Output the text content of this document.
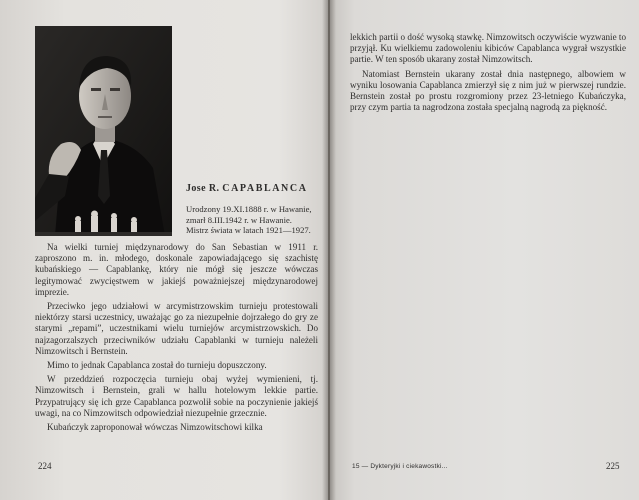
Jose R. CAPABLANCA
Urodzony 19.XI.1888 r. w Hawanie, zmarł 8.III.1942 r. w Hawanie. Mistrz świata w latach 1921—1927.

Na wielki turniej międzynarodowy do San Sebastian w 1911 r. zaproszono m. in. młodego, doskonale zapowiadającego się szachistę kubańskiego — Capablankę, który nie mógł się jeszcze wówczas legitymować zwycięstwem w jakiejś poważniejszej międzynarodowej imprezie.

Przeciwko jego udziałowi w arcymistrzowskim turnieju protestowali niektórzy starsi uczestnicy, uważając go za niezupełnie dojrzałego do gry ze starymi „repami”, uczestnikami wielu turniejów arcymistrzowskich. Do najzagorzalszych przeciwników udziału Capablanki w turnieju należeli Nimzowitsch i Bernstein.

Mimo to jednak Capablanca został do turnieju dopuszczony.

W przeddzień rozpoczęcia turnieju obaj wyżej wymienieni, tj. Nimzowitsch i Bernstein, grali w hallu hotelowym lekkie partie. Przypatrujący się ich grze Capablanca pozwolił sobie na poczynienie jakiejś uwagi, na co Nimzowitsch odpowiedział niezupełnie grzecznie.

Kubańczyk zaproponował wówczas Nimzowitschowi kilka

224

lekkich partii o dość wysoką stawkę. Nimzowitsch oczywiście wyzwanie to przyjął. Ku wielkiemu zadowoleniu kibiców Capablanca wygrał wszystkie partie. W ten sposób ukarany został Nimzowitsch.

Natomiast Bernstein ukarany został dnia następnego, albowiem w wyniku losowania Capablanca zmierzył się z nim już w pierwszej rundzie. Bernstein został po prostu rozgromiony przez 23-letniego Kubańczyka, przy czym partia ta nagrodzona została specjalną nagrodą za piękność.

15 — Dykteryjki i ciekawostki...	225
